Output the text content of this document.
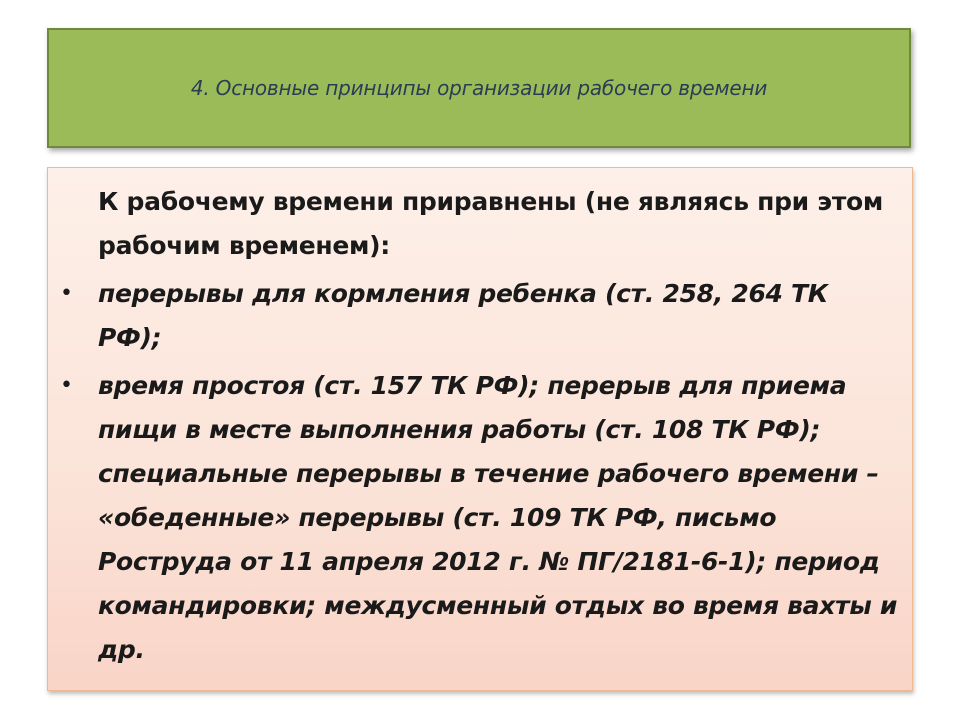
4. Основные принципы организации рабочего времени

К рабочему времени приравнены (не являясь при этом рабочим временем):

• перерывы для кормления ребенка (ст. 258, 264 ТК РФ);

• время простоя (ст. 157 ТК РФ); перерыв для приема пищи в месте выполнения работы (ст. 108 ТК РФ); специальные перерывы в течение рабочего времени – «обеденные» перерывы (ст. 109 ТК РФ, письмо Роструда от 11 апреля 2012 г. № ПГ/2181-6-1); период командировки; междусменный отдых во время вахты и др.
